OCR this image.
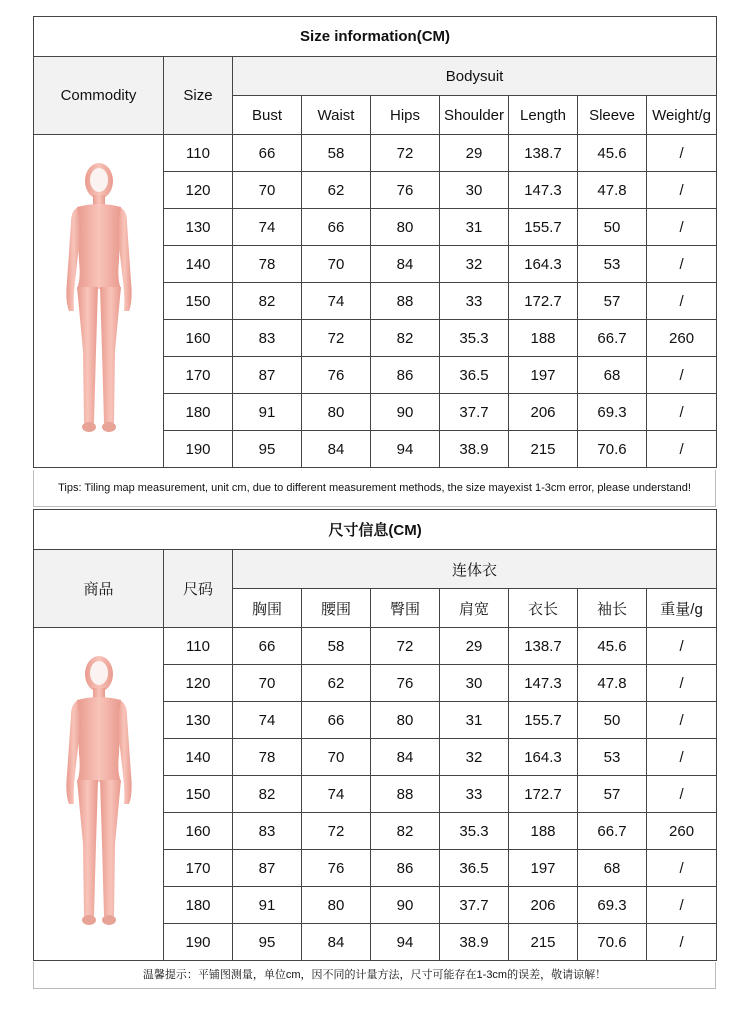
Size information(CM)								
Commodity	Size	Bodysuit						
		Bust	Waist	Hips	Shoulder	Length	Sleeve	Weight/g

	110	66	58	72	29	138.7	45.6	/
	120	70	62	76	30	147.3	47.8	/
	130	74	66	80	31	155.7	50	/
	140	78	70	84	32	164.3	53	/
	150	82	74	88	33	172.7	57	/
	160	83	72	82	35.3	188	66.7	260
	170	87	76	86	36.5	197	68	/
	180	91	80	90	37.7	206	69.3	/
	190	95	84	94	38.9	215	70.6	/
Tips: Tiling map measurement, unit cm, due to different measurement methods, the size mayexist 1-3cm error, please understand!
尺寸信息(CM)								
商品	尺码	连体衣						
		胸围	腰围	臀围	肩宽	衣长	袖长	重量/g

	110	66	58	72	29	138.7	45.6	/
	120	70	62	76	30	147.3	47.8	/
	130	74	66	80	31	155.7	50	/
	140	78	70	84	32	164.3	53	/
	150	82	74	88	33	172.7	57	/
	160	83	72	82	35.3	188	66.7	260
	170	87	76	86	36.5	197	68	/
	180	91	80	90	37.7	206	69.3	/
	190	95	84	94	38.9	215	70.6	/
温馨提示：平铺图测量，单位cm，因不同的计量方法，尺寸可能存在1-3cm的误差，敬请谅解！
